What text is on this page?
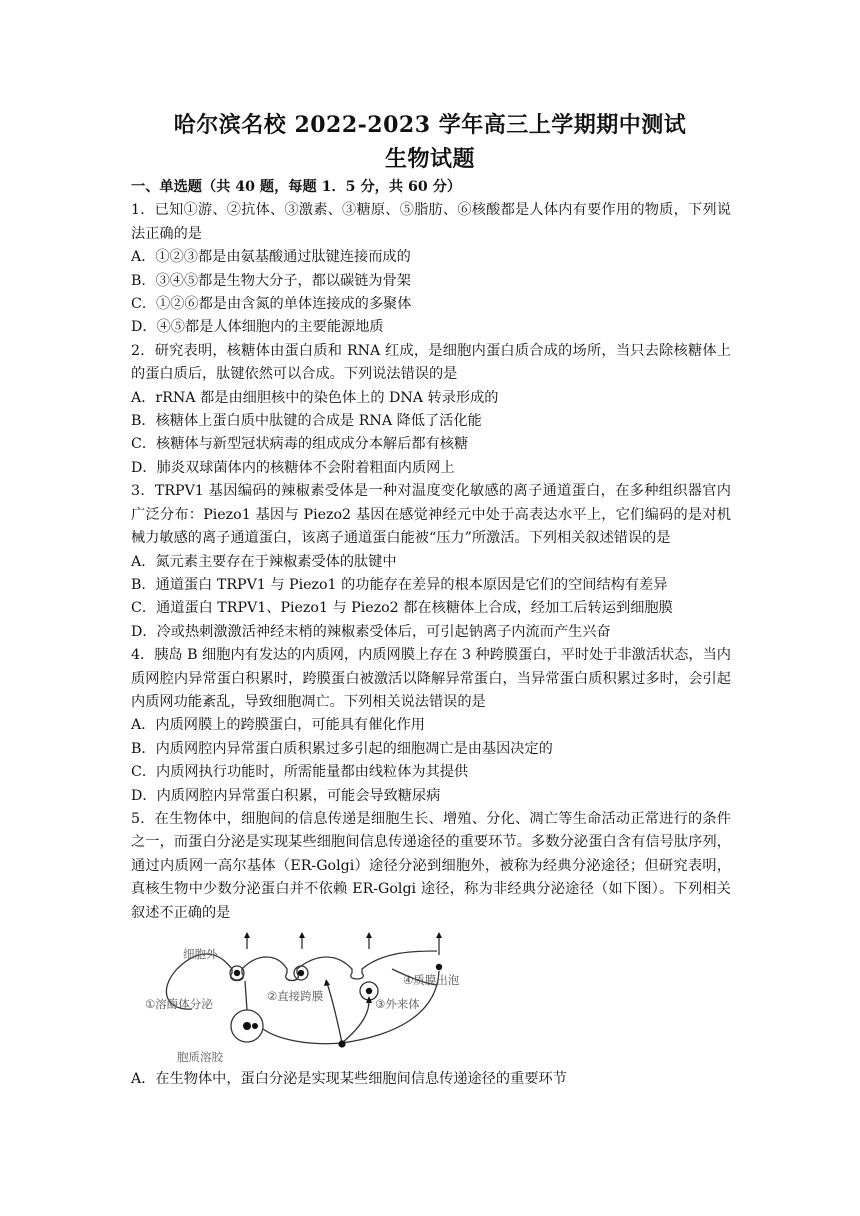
哈尔滨名校 2022-2023 学年高三上学期期中测试
生物试题
一、单选题（共 40 题，每题 1．5 分，共 60 分）

1．已知①游、②抗体、③激素、③糖原、⑤脂肪、⑥核酸都是人体内有要作用的物质，下列说法正确的是

A．①②③都是由氨基酸通过肽键连接而成的
B．③④⑤都是生物大分子，都以碳链为骨架
C．①②⑥都是由含氮的单体连接成的多聚体
D．④⑤都是人体细胞内的主要能源地质

2．研究表明，核糖体由蛋白质和 RNA 红成，是细胞内蛋白质合成的场所，当只去除核糖体上的蛋白质后，肽键依然可以合成。下列说法错误的是

A．rRNA 都是由细胆核中的染色体上的 DNA 转录形成的
B．核糖体上蛋白质中肽键的合成是 RNA 降低了活化能
C．核糖体与新型冠状病毒的组成成分本解后都有核糖
D．肺炎双球菌体内的核糖体不会附着粗面内质网上

3．TRPV1 基因编码的辣椒素受体是一种对温度变化敏感的离子通道蛋白，在多种组织器官内广泛分布：Piezo1 基因与 Piezo2 基因在感觉神经元中处于高表达水平上，它们编码的是对机械力敏感的离子通道蛋白，该离子通道蛋白能被“压力”所激活。下列相关叙述错误的是

A．氮元素主要存在于辣椒素受体的肽键中
B．通道蛋白 TRPV1 与 Piezo1 的功能存在差异的根本原因是它们的空间结构有差异
C．通道蛋白 TRPV1、Piezo1 与 Piezo2 都在核糖体上合成，经加工后转运到细胞膜
D．冷或热刺激激活神经末梢的辣椒素受体后，可引起钠离子内流而产生兴奋

4．胰岛 B 细胞内有发达的内质网，内质网膜上存在 3 种跨膜蛋白，平时处于非激活状态，当内质网腔内异常蛋白积累时，跨膜蛋白被激活以降解异常蛋白，当异常蛋白质积累过多时，会引起内质网功能紊乱，导致细胞凋亡。下列相关说法错误的是

A．内质网膜上的跨膜蛋白，可能具有催化作用
B．内质网腔内异常蛋白质积累过多引起的细胞凋亡是由基因决定的
C．内质网执行功能时，所需能量都由线粒体为其提供
D．内质网腔内异常蛋白积累，可能会导致糖尿病

5．在生物体中，细胞间的信息传递是细胞生长、增殖、分化、凋亡等生命活动正常进行的条件之一，而蛋白分泌是实现某些细胞间信息传递途径的重要环节。多数分泌蛋白含有信号肽序列，通过内质网一高尔基体（ER-Golgi）途径分泌到细胞外，被称为经典分泌途径；但研究表明，真核生物中少数分泌蛋白并不依赖 ER-Golgi 途径，称为非经典分泌途径（如下图）。下列相关叙述不正确的是

细胞外
①溶酶体分泌
②直接跨膜
③外来体
④质膜出泡
胞质溶胶
A．在生物体中，蛋白分泌是实现某些细胞间信息传递途径的重要环节
